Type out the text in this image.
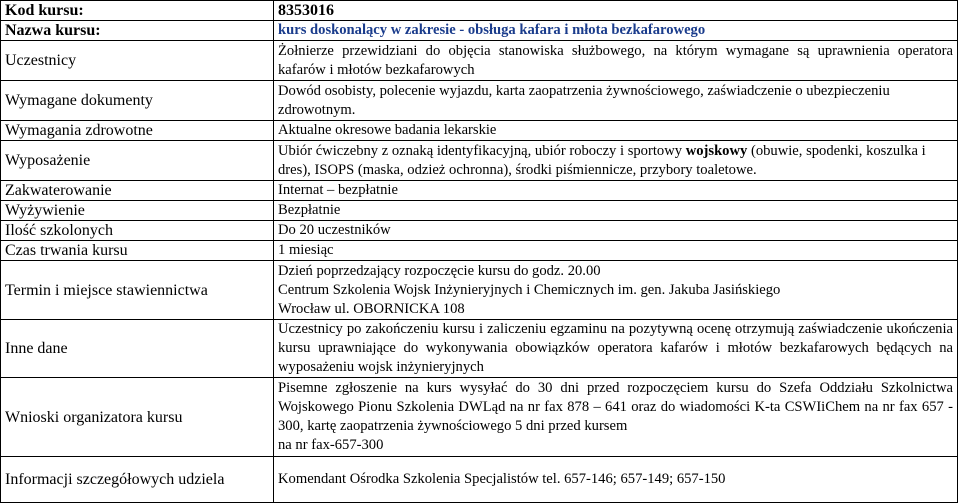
Kod kursu:	8353016
Nazwa kursu:	kurs doskonalący w zakresie - obsługa kafara i młota bezkafarowego
Uczestnicy	Żołnierze przewidziani do objęcia stanowiska służbowego, na którym wymagane są uprawnienia operatora kafarów i młotów bezkafarowych
Wymagane dokumenty	Dowód osobisty, polecenie wyjazdu, karta zaopatrzenia żywnościowego, zaświadczenie o ubezpieczeniu zdrowotnym.
Wymagania zdrowotne	Aktualne okresowe badania lekarskie
Wyposażenie	Ubiór ćwiczebny z oznaką identyfikacyjną, ubiór roboczy i sportowy wojskowy (obuwie, spodenki, koszulka i dres), ISOPS (maska, odzież ochronna), środki piśmiennicze, przybory toaletowe.
Zakwaterowanie	Internat – bezpłatnie
Wyżywienie	Bezpłatnie
Ilość szkolonych	Do 20 uczestników
Czas trwania kursu	1 miesiąc
Termin i miejsce stawiennictwa	Dzień poprzedzający rozpoczęcie kursu do godz. 20.00
Centrum Szkolenia Wojsk Inżynieryjnych i Chemicznych im. gen. Jakuba Jasińskiego
Wrocław ul. OBORNICKA 108

Inne dane	Uczestnicy po zakończeniu kursu i zaliczeniu egzaminu na pozytywną ocenę otrzymują zaświadczenie ukończenia kursu uprawniające do wykonywania obowiązków operatora kafarów i młotów bezkafarowych będących na wyposażeniu wojsk inżynieryjnych
Wnioski organizatora kursu	Pisemne zgłoszenie na kurs wysyłać do 30 dni przed rozpoczęciem kursu do Szefa Oddziału Szkolnictwa Wojskowego Pionu Szkolenia DWLąd na nr fax 878 – 641 oraz do wiadomości K-ta CSWIiChem na nr fax 657 - 300, kartę zaopatrzenia żywnościowego 5 dni przed kursem
na nr fax-657-300

Informacji szczegółowych udziela	Komendant Ośrodka Szkolenia Specjalistów tel. 657-146; 657-149; 657-150
